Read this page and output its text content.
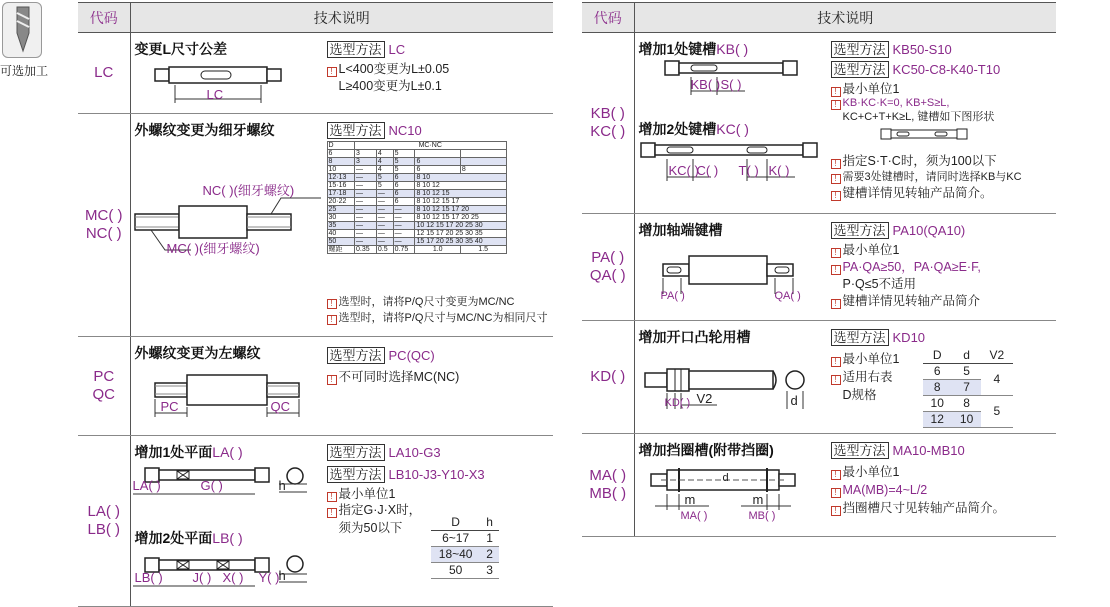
可选加工
代码	技术说明
LC	
变更L尺寸公差
LC
选型方法 LC
! L<400变更为L±0.05
L≥400变更为L±0.1

MC( )
NC( )	
外螺纹变更为细牙螺纹
NC( )(细牙螺纹)
MC( )(细牙螺纹)
选型方法 NC10
D	MC·NC
6	3	4	5		
8	3	4	5	6	
10	—	4	5	6	8
12·13	—	5	6	8 10
15·16	—	5	6	8 10 12
17·18	—	—	6	8 10 12 15
20·22	—	—	6	8 10 12 15 17
25	—	—	—	8 10 12 15 17 20
30	—	—	—	8 10 12 15 17 20 25
35	—	—	—	10 12 15 17 20 25 30
40	—	—	—	12 15 17 20 25 30 35
50	—	—	—	15 17 20 25 30 35 40
螺距	0.35	0.5	0.75	1.0	1.5
! 选型时，请将P/Q尺寸变更为MC/NC
! 选型时，请将P/Q尺寸与MC/NC为相同尺寸

PC
QC	
外螺纹变更为左螺纹
PC	QC
选型方法 PC(QC)
! 不可同时选择MC(NC)

LA( )
LB( )	
增加1处平面LA( )
LA( )	G( )	h
增加2处平面LB( )
LB( ) J( ) X( ) Y( ) h
选型方法 LA10-G3
选型方法 LB10-J3-Y10-X3
! 最小单位1
! 指定G·J·X时，
须为50以下	D	h
6~17	1
18~40	2
50	3
代码	技术说明
KB( )
KC( )	
增加1处键槽KB( )
KB( ) S( )
增加2处键槽KC( )
KC( )
C( ) T( ) K( )
选型方法 KB50-S10
选型方法 KC50-C8-K40-T10
! 最小单位1
! KB·KC·K=0, KB+S≥L,
KC+C+T+K≥L, 键槽如下图形状
! 指定S·T·C时，须为100以下
! 需要3处键槽时，请同时选择KB与KC
! 键槽详情见转轴产品简介。

PA( )
QA( )	
增加轴端键槽
PA( )	QA( )
选型方法 PA10(QA10)
! 最小单位1
! PA·QA≥50，PA·QA≥E·F,
P·Q≤5不适用
! 键槽详情见转轴产品简介

KD( )	
增加开口凸轮用槽
KD( ) V2	d
选型方法 KD10
! 最小单位1
! 适用右表
D规格
D	d	V2
6	5	4
8	7
10	8	5
12	10

MA( )
MB( )	
增加挡圈槽(附带挡圈)
d
m	m
MA( )	MB( )
选型方法 MA10-MB10
! 最小单位1
! MA(MB)=4~L/2
! 挡圈槽尺寸见转轴产品简介。
